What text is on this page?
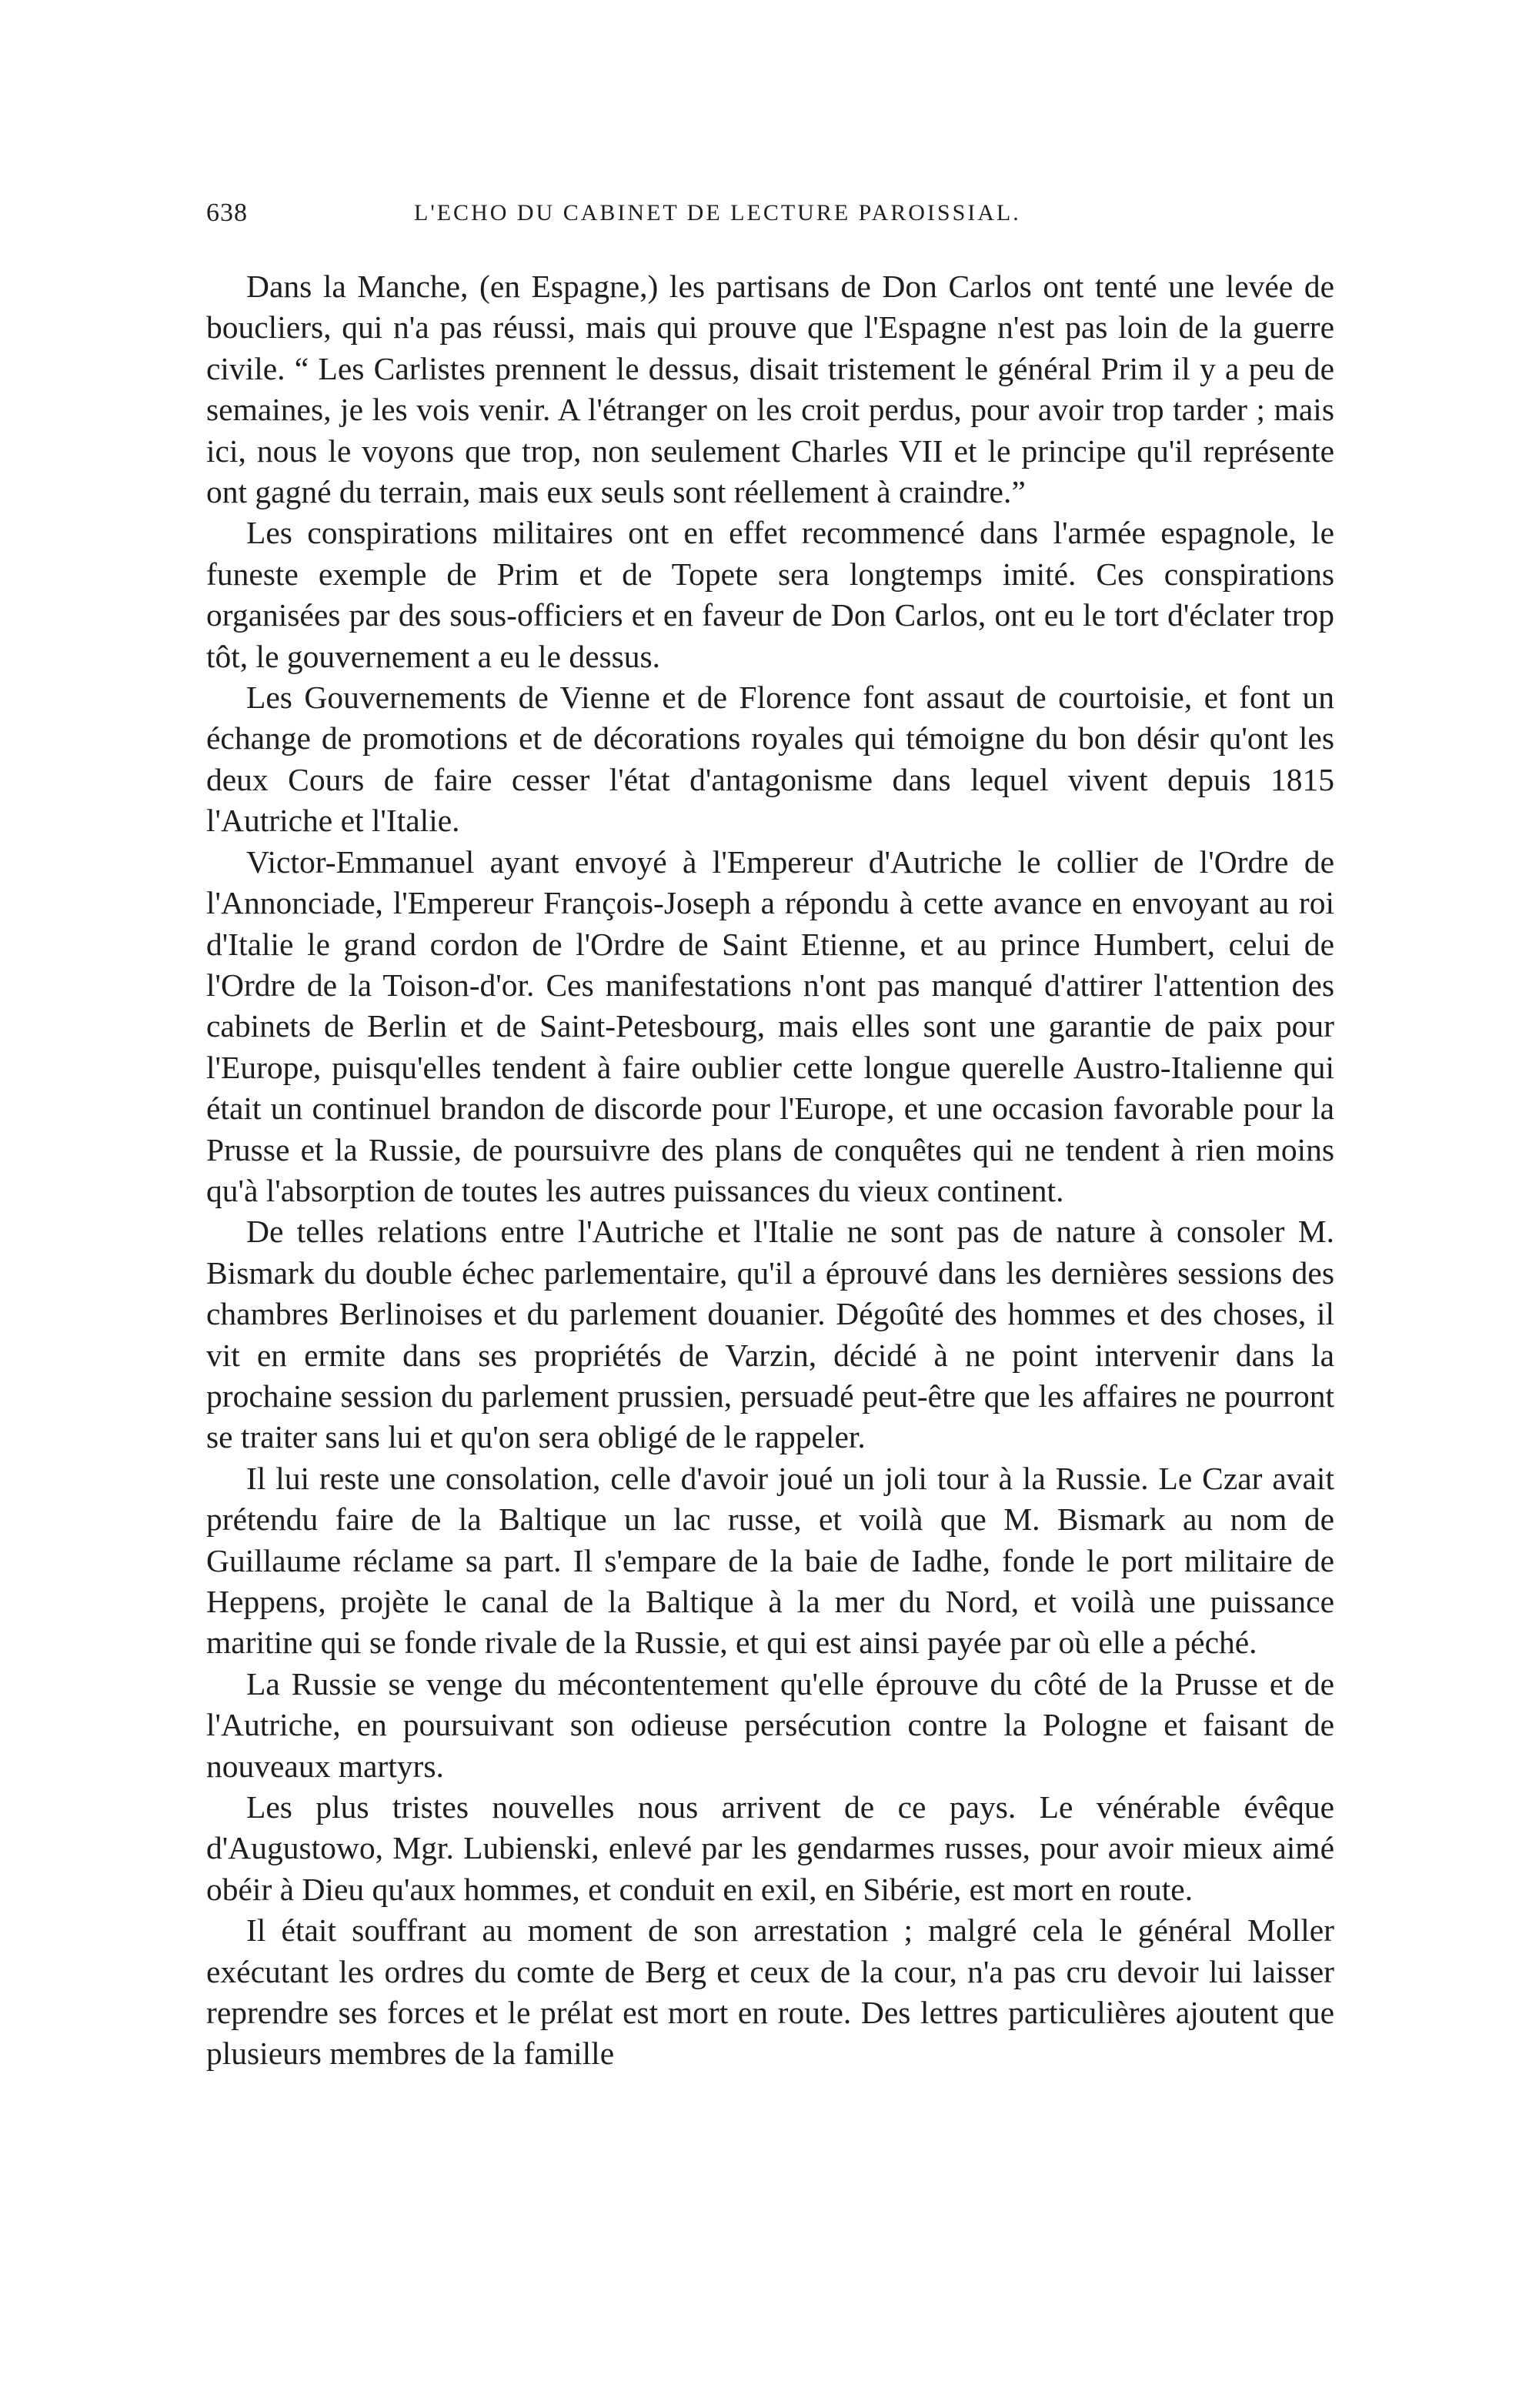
638	L'ECHO DU CABINET DE LECTURE PAROISSIAL.

Dans la Manche, (en Espagne,) les partisans de Don Carlos ont tenté une levée de boucliers, qui n'a pas réussi, mais qui prouve que l'Espagne n'est pas loin de la guerre civile. “ Les Carlistes prennent le dessus, disait tristement le général Prim il y a peu de semaines, je les vois venir. A l'étranger on les croit perdus, pour avoir trop tarder ; mais ici, nous le voyons que trop, non seulement Charles VII et le principe qu'il représente ont gagné du terrain, mais eux seuls sont réellement à craindre.”

Les conspirations militaires ont en effet recommencé dans l'armée espagnole, le funeste exemple de Prim et de Topete sera longtemps imité. Ces conspirations organisées par des sous-officiers et en faveur de Don Carlos, ont eu le tort d'éclater trop tôt, le gouvernement a eu le dessus.

Les Gouvernements de Vienne et de Florence font assaut de courtoisie, et font un échange de promotions et de décorations royales qui témoigne du bon désir qu'ont les deux Cours de faire cesser l'état d'antagonisme dans lequel vivent depuis 1815 l'Autriche et l'Italie.

Victor-Emmanuel ayant envoyé à l'Empereur d'Autriche le collier de l'Ordre de l'Annonciade, l'Empereur François-Joseph a répondu à cette avance en envoyant au roi d'Italie le grand cordon de l'Ordre de Saint Etienne, et au prince Humbert, celui de l'Ordre de la Toison-d'or. Ces manifestations n'ont pas manqué d'attirer l'attention des cabinets de Berlin et de Saint-Petesbourg, mais elles sont une garantie de paix pour l'Europe, puisqu'elles tendent à faire oublier cette longue querelle Austro-Italienne qui était un continuel brandon de discorde pour l'Europe, et une occasion favorable pour la Prusse et la Russie, de poursuivre des plans de conquêtes qui ne tendent à rien moins qu'à l'absorption de toutes les autres puissances du vieux continent.

De telles relations entre l'Autriche et l'Italie ne sont pas de nature à consoler M. Bismark du double échec parlementaire, qu'il a éprouvé dans les dernières sessions des chambres Berlinoises et du parlement douanier. Dégoûté des hommes et des choses, il vit en ermite dans ses propriétés de Varzin, décidé à ne point intervenir dans la prochaine session du parlement prussien, persuadé peut-être que les affaires ne pourront se traiter sans lui et qu'on sera obligé de le rappeler.

Il lui reste une consolation, celle d'avoir joué un joli tour à la Russie. Le Czar avait prétendu faire de la Baltique un lac russe, et voilà que M. Bismark au nom de Guillaume réclame sa part. Il s'empare de la baie de Iadhe, fonde le port militaire de Heppens, projète le canal de la Baltique à la mer du Nord, et voilà une puissance maritine qui se fonde rivale de la Russie, et qui est ainsi payée par où elle a péché.

La Russie se venge du mécontentement qu'elle éprouve du côté de la Prusse et de l'Autriche, en poursuivant son odieuse persécution contre la Pologne et faisant de nouveaux martyrs.

Les plus tristes nouvelles nous arrivent de ce pays. Le vénérable évêque d'Augustowo, Mgr. Lubienski, enlevé par les gendarmes russes, pour avoir mieux aimé obéir à Dieu qu'aux hommes, et conduit en exil, en Sibérie, est mort en route.

Il était souffrant au moment de son arrestation ; malgré cela le général Moller exécutant les ordres du comte de Berg et ceux de la cour, n'a pas cru devoir lui laisser reprendre ses forces et le prélat est mort en route. Des lettres particulières ajoutent que plusieurs membres de la famille
